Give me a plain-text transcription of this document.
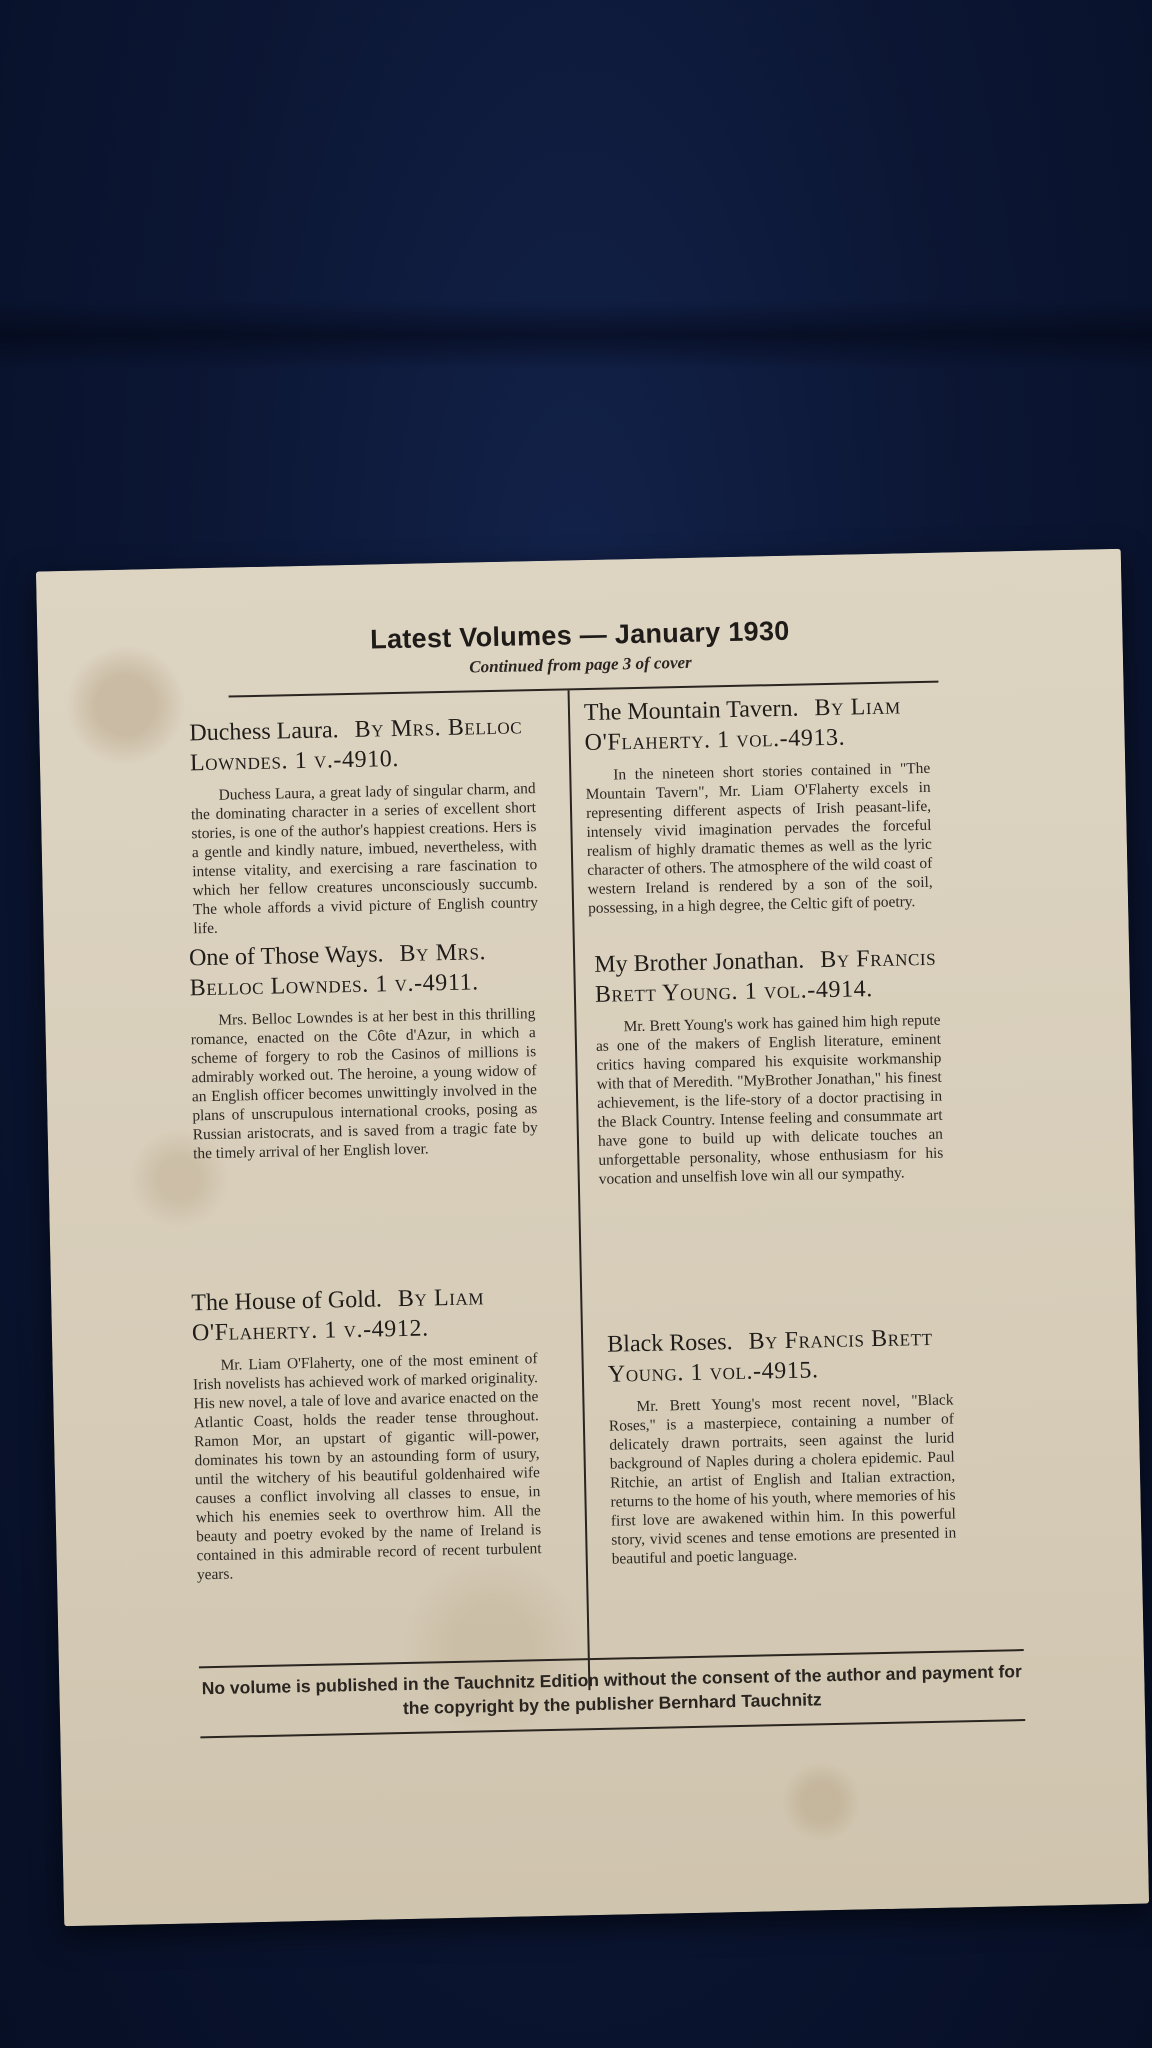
Latest Volumes — January 1930
Continued from page 3 of cover
Duchess Laura. By Mrs. Belloc Lowndes. 1 v.-4910.
Duchess Laura, a great lady of singular charm, and the dominating character in a series of excellent short stories, is one of the author's happiest creations. Hers is a gentle and kindly nature, imbued, nevertheless, with intense vitality, and exercising a rare fascination to which her fellow creatures unconsciously succumb. The whole affords a vivid picture of English country life.
The Mountain Tavern. By Liam O'Flaherty. 1 vol.-4913.
In the nineteen short stories contained in "The Mountain Tavern", Mr. Liam O'Flaherty excels in representing different aspects of Irish peasant-life, intensely vivid imagination pervades the forceful realism of highly dramatic themes as well as the lyric character of others. The atmosphere of the wild coast of western Ireland is rendered by a son of the soil, possessing, in a high degree, the Celtic gift of poetry.
One of Those Ways. By Mrs. Belloc Lowndes. 1 v.-4911.
Mrs. Belloc Lowndes is at her best in this thrilling romance, enacted on the Côte d'Azur, in which a scheme of forgery to rob the Casinos of millions is admirably worked out. The heroine, a young widow of an English officer becomes unwittingly involved in the plans of unscrupulous international crooks, posing as Russian aristocrats, and is saved from a tragic fate by the timely arrival of her English lover.
My Brother Jonathan. By Francis Brett Young. 1 vol.-4914.
Mr. Brett Young's work has gained him high repute as one of the makers of English literature, eminent critics having compared his exquisite workmanship with that of Meredith. "MyBrother Jonathan," his finest achievement, is the life-story of a doctor practising in the Black Country. Intense feeling and consummate art have gone to build up with delicate touches an unforgettable personality, whose enthusiasm for his vocation and unselfish love win all our sympathy.
The House of Gold. By Liam O'Flaherty. 1 v.-4912.
Mr. Liam O'Flaherty, one of the most eminent of Irish novelists has achieved work of marked originality. His new novel, a tale of love and avarice enacted on the Atlantic Coast, holds the reader tense throughout. Ramon Mor, an upstart of gigantic will-power, dominates his town by an astounding form of usury, until the witchery of his beautiful goldenhaired wife causes a conflict involving all classes to ensue, in which his enemies seek to overthrow him. All the beauty and poetry evoked by the name of Ireland is contained in this admirable record of recent turbulent years.
Black Roses. By Francis Brett Young. 1 vol.-4915.
Mr. Brett Young's most recent novel, "Black Roses," is a masterpiece, containing a number of delicately drawn portraits, seen against the lurid background of Naples during a cholera epidemic. Paul Ritchie, an artist of English and Italian extraction, returns to the home of his youth, where memories of his first love are awakened within him. In this powerful story, vivid scenes and tense emotions are presented in beautiful and poetic language.
No volume is published in the Tauchnitz Edition without the consent of the author and payment for the copyright by the publisher Bernhard Tauchnitz
